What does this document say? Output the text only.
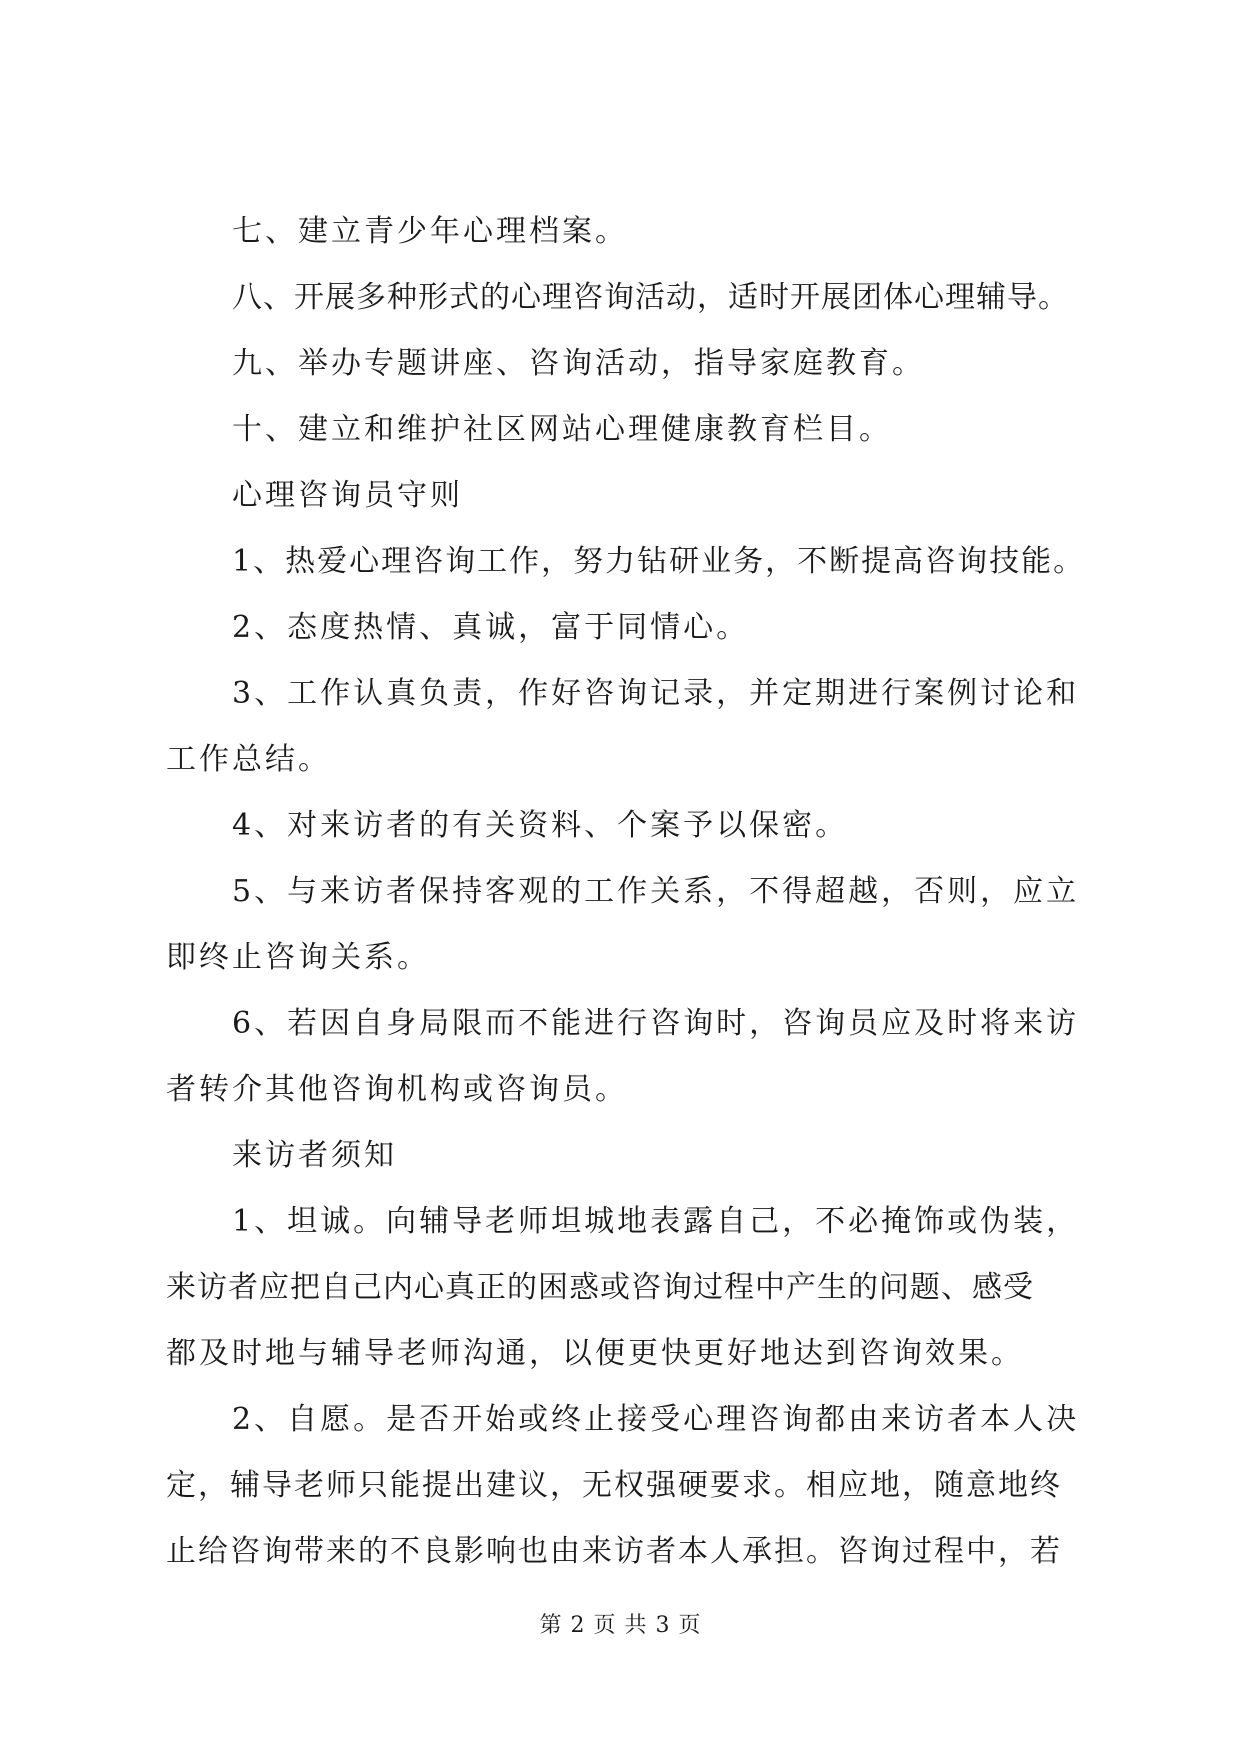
七、建立青少年心理档案。
八、开展多种形式的心理咨询活动，适时开展团体心理辅导。
九、举办专题讲座、咨询活动，指导家庭教育。
十、建立和维护社区网站心理健康教育栏目。
心理咨询员守则
1、热爱心理咨询工作，努力钻研业务，不断提高咨询技能。
2、态度热情、真诚，富于同情心。
3、工作认真负责，作好咨询记录，并定期进行案例讨论和
工作总结。
4、对来访者的有关资料、个案予以保密。
5、与来访者保持客观的工作关系，不得超越，否则，应立
即终止咨询关系。
6、若因自身局限而不能进行咨询时，咨询员应及时将来访
者转介其他咨询机构或咨询员。
来访者须知
1、坦诚。向辅导老师坦城地表露自己，不必掩饰或伪装，
来访者应把自己内心真正的困惑或咨询过程中产生的问题、感受
都及时地与辅导老师沟通，以便更快更好地达到咨询效果。
2、自愿。是否开始或终止接受心理咨询都由来访者本人决
定，辅导老师只能提出建议，无权强硬要求。相应地，随意地终
止给咨询带来的不良影响也由来访者本人承担。咨询过程中，若
第 2 页 共 3 页
